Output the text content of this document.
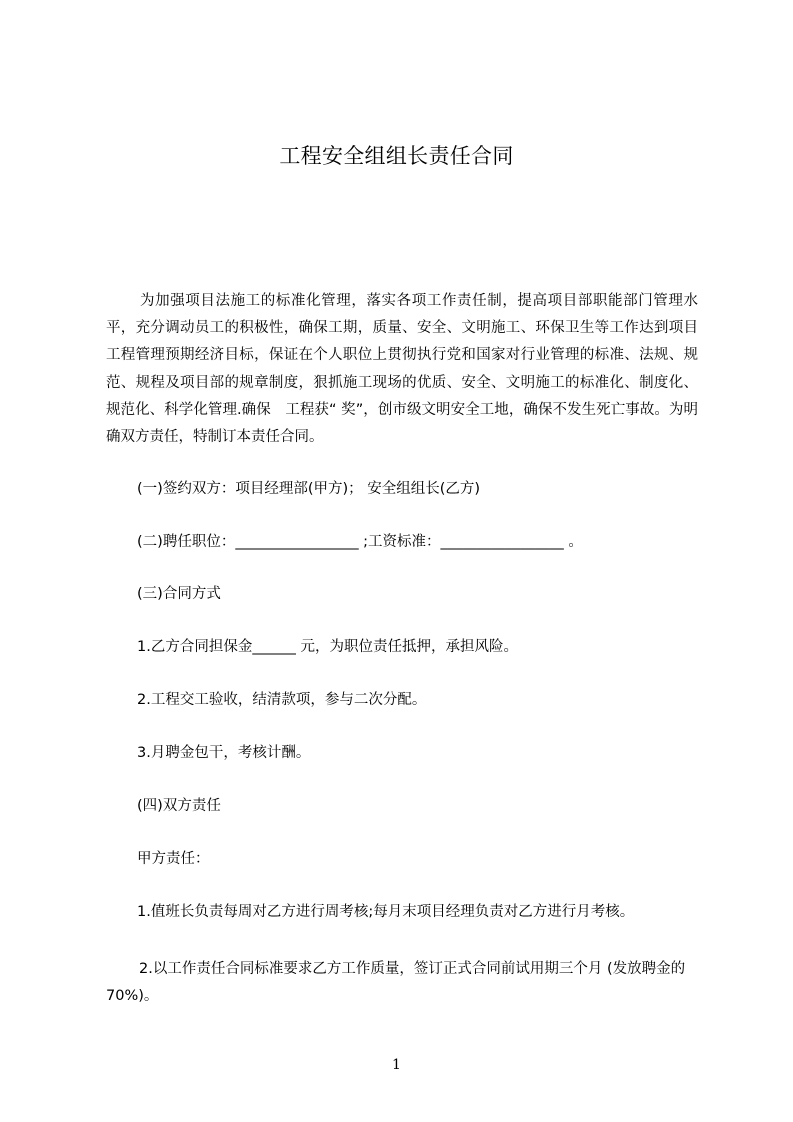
工程安全组组长责任合同

为加强项目法施工的标准化管理，落实各项工作责任制，提高项目部职能部门管理水平，充分调动员工的积极性，确保工期，质量、安全、文明施工、环保卫生等工作达到项目工程管理预期经济目标，保证在个人职位上贯彻执行党和国家对行业管理的标准、法规、规范、规程及项目部的规章制度，狠抓施工现场的优质、安全、文明施工的标准化、制度化、规范化、科学化管理.确保　工程获“ 奖”，创市级文明安全工地，确保不发生死亡事故。为明确双方责任，特制订本责任合同。

(一)签约双方：项目经理部(甲方)； 安全组组长(乙方)

(二)聘任职位：_________________ ;工资标准：_________________ 。

(三)合同方式

1.乙方合同担保金______ 元，为职位责任抵押，承担风险。

2.工程交工验收，结清款项，参与二次分配。

3.月聘金包干，考核计酬。

(四)双方责任

甲方责任：

1.值班长负责每周对乙方进行周考核;每月末项目经理负责对乙方进行月考核。

2.以工作责任合同标准要求乙方工作质量，签订正式合同前试用期三个月 (发放聘金的 70%)。

1
